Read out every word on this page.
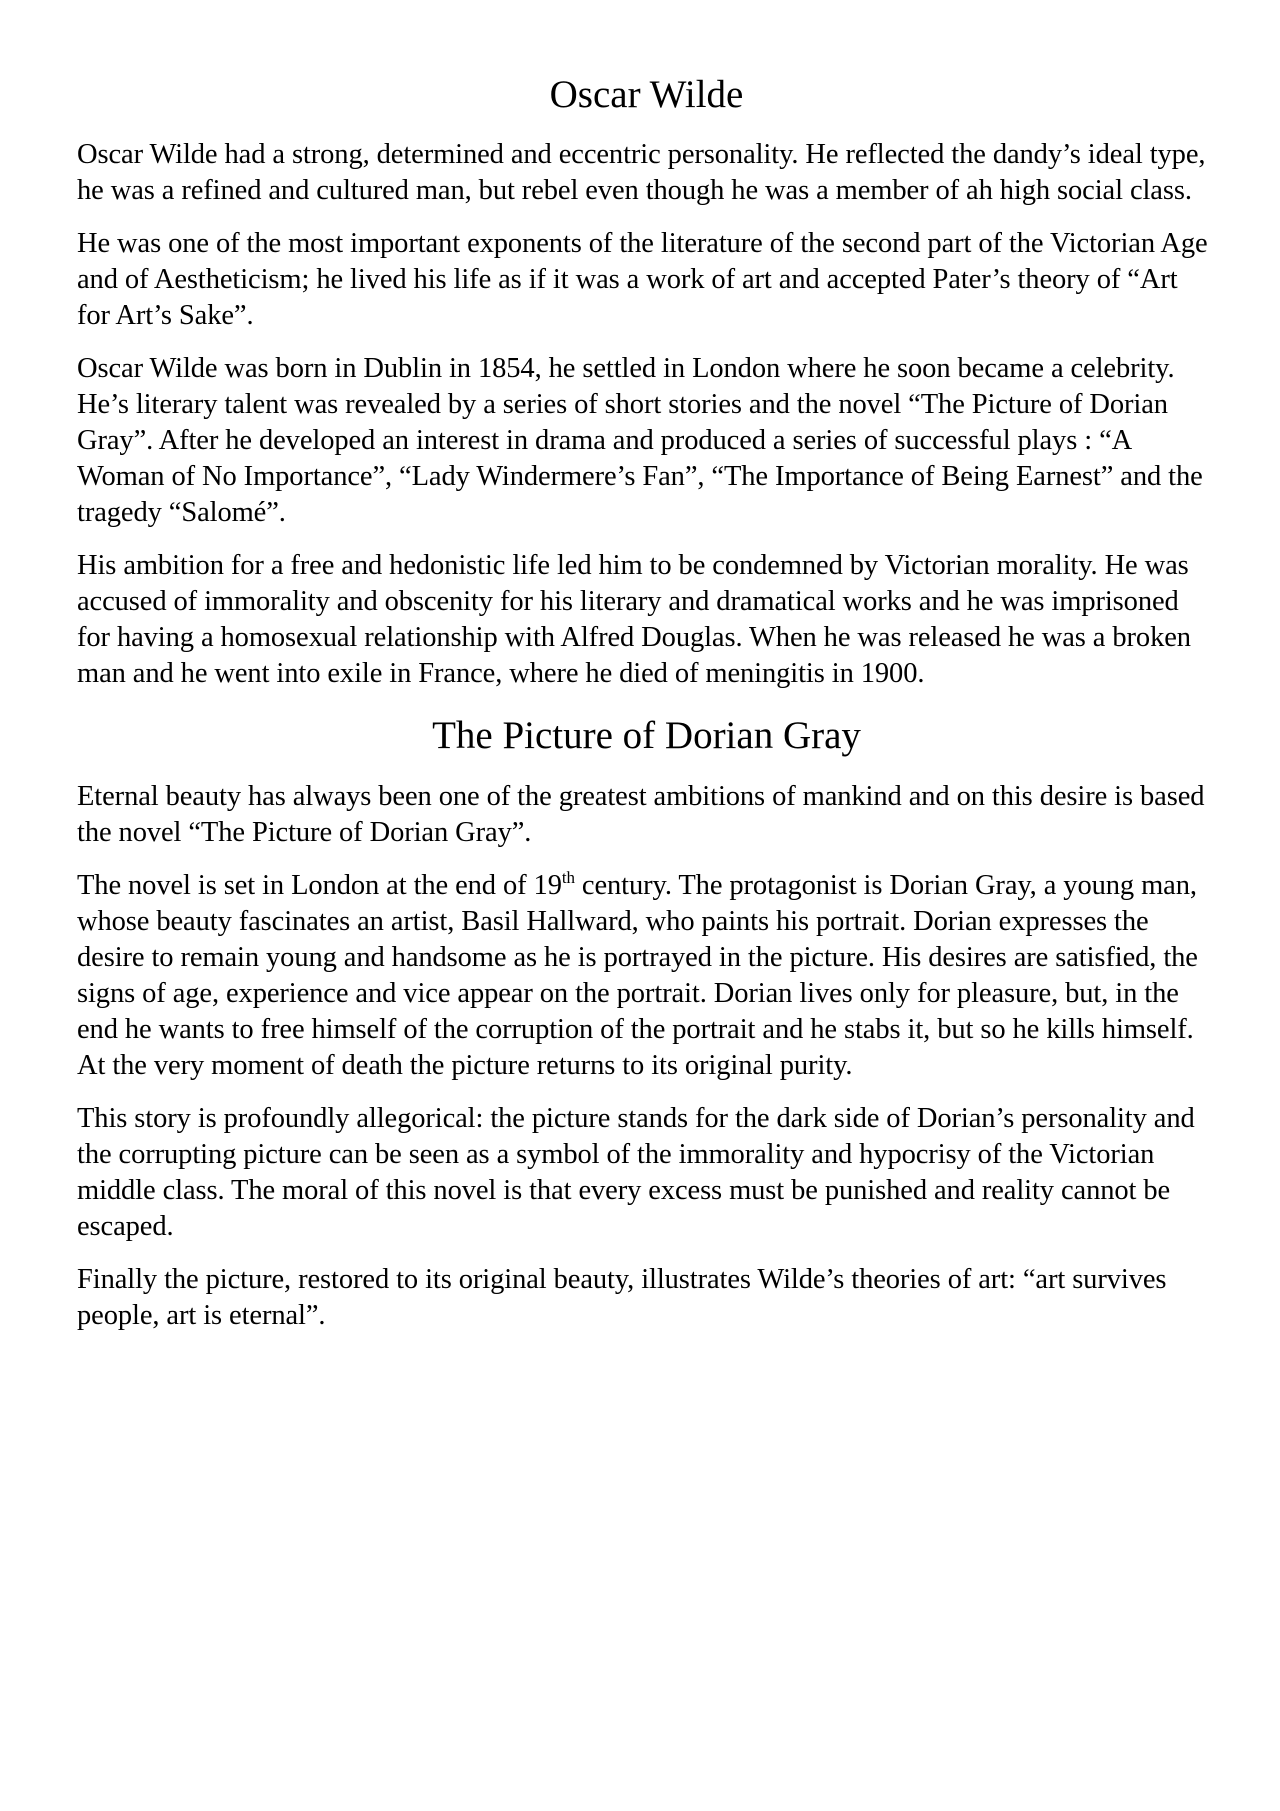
Oscar Wilde

Oscar Wilde had a strong, determined and eccentric personality. He reflected the dandy’s ideal type, he was a refined and cultured man, but rebel even though he was a member of ah high social class.

He was one of the most important exponents of the literature of the second part of the Victorian Age and of Aestheticism; he lived his life as if it was a work of art and accepted Pater’s theory of “Art for Art’s Sake”.

Oscar Wilde was born in Dublin in 1854, he settled in London where he soon became a celebrity. He’s literary talent was revealed by a series of short stories and the novel “The Picture of Dorian Gray”. After he developed an interest in drama and produced a series of successful plays : “A Woman of No Importance”, “Lady Windermere’s Fan”, “The Importance of Being Earnest” and the tragedy “Salomé”.

His ambition for a free and hedonistic life led him to be condemned by Victorian morality. He was accused of immorality and obscenity for his literary and dramatical works and he was imprisoned for having a homosexual relationship with Alfred Douglas. When he was released he was a broken man and he went into exile in France, where he died of meningitis in 1900.

The Picture of Dorian Gray

Eternal beauty has always been one of the greatest ambitions of mankind and on this desire is based the novel “The Picture of Dorian Gray”.

The novel is set in London at the end of 19th century. The protagonist is Dorian Gray, a young man, whose beauty fascinates an artist, Basil Hallward, who paints his portrait. Dorian expresses the desire to remain young and handsome as he is portrayed in the picture. His desires are satisfied, the signs of age, experience and vice appear on the portrait. Dorian lives only for pleasure, but, in the end he wants to free himself of the corruption of the portrait and he stabs it, but so he kills himself. At the very moment of death the picture returns to its original purity.

This story is profoundly allegorical: the picture stands for the dark side of Dorian’s personality and the corrupting picture can be seen as a symbol of the immorality and hypocrisy of the Victorian middle class. The moral of this novel is that every excess must be punished and reality cannot be escaped.

Finally the picture, restored to its original beauty, illustrates Wilde’s theories of art: “art survives people, art is eternal”.
